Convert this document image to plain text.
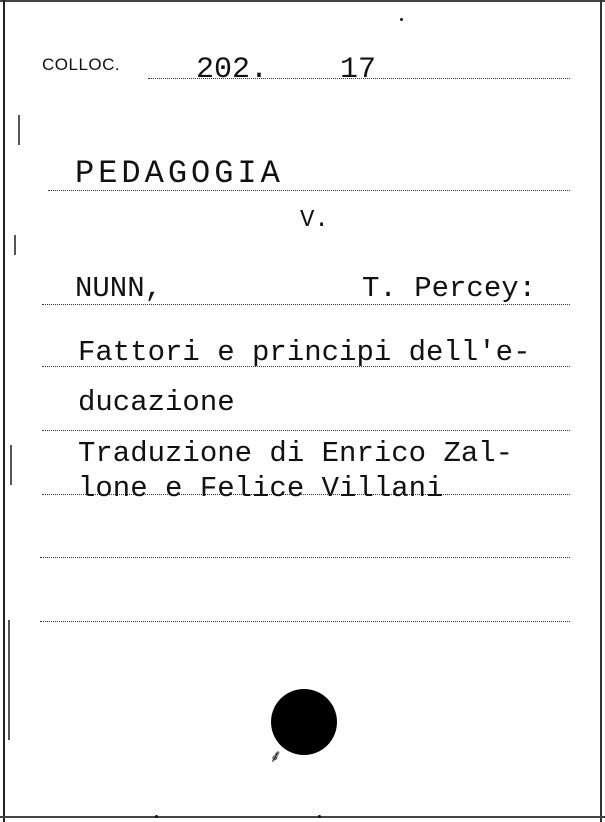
COLLOC.	202. 17
PEDAGOGIA
V.
NUNN,	T. Percey:
Fattori e principi dell'e-
ducazione
Traduzione di Enrico Zal-
lone e Felice Villani
⸙
